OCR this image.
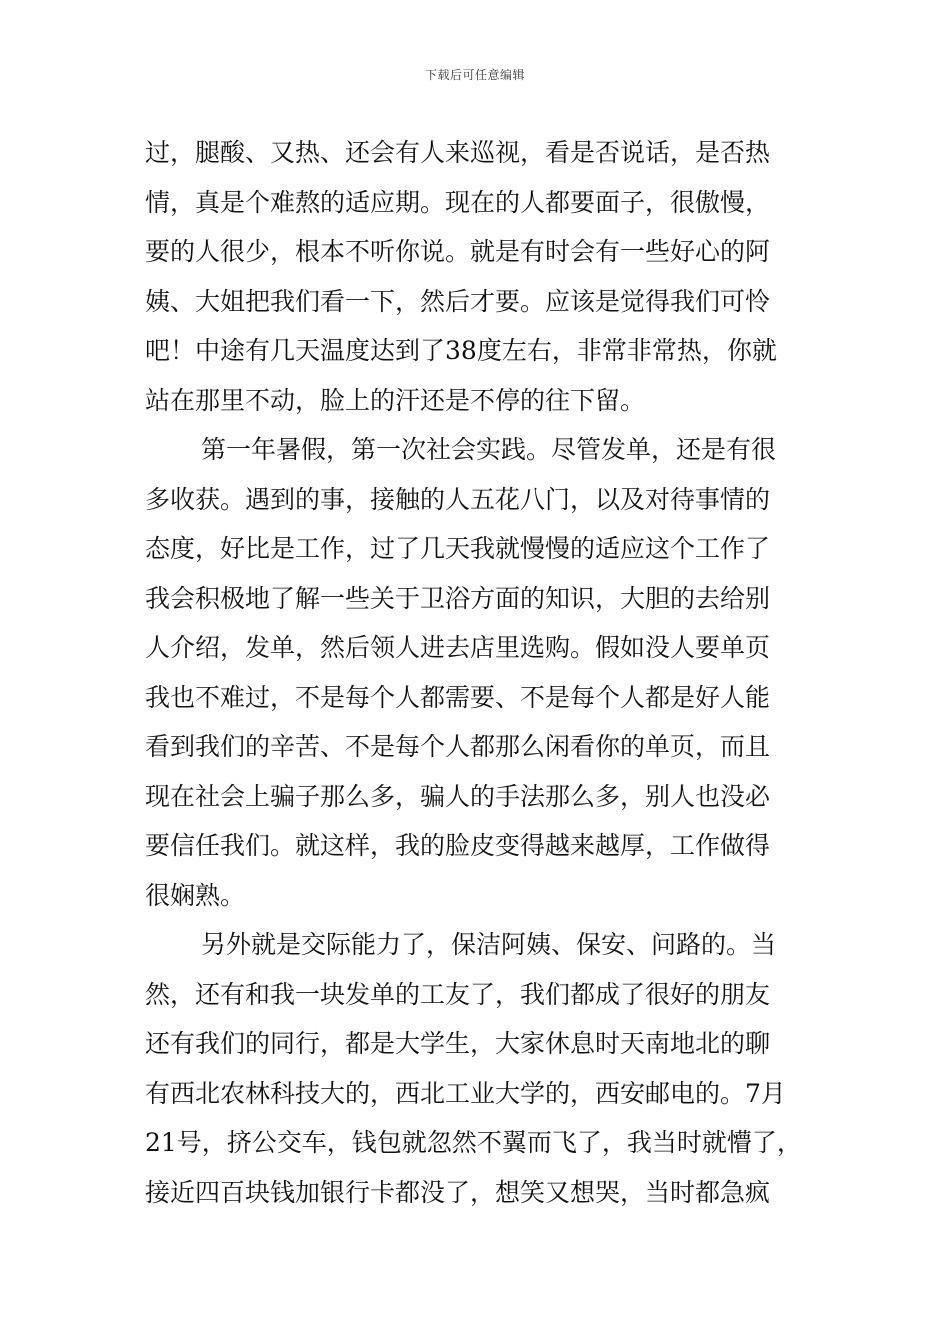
下载后可任意编辑
过，腿酸、又热、还会有人来巡视，看是否说话，是否热
情，真是个难熬的适应期。现在的人都要面子，很傲慢，
要的人很少，根本不听你说。就是有时会有一些好心的阿
姨、大姐把我们看一下，然后才要。应该是觉得我们可怜
吧！中途有几天温度达到了38度左右，非常非常热，你就
站在那里不动，脸上的汗还是不停的往下留。
第一年暑假，第一次社会实践。尽管发单，还是有很
多收获。遇到的事，接触的人五花八门，以及对待事情的
态度，好比是工作，过了几天我就慢慢的适应这个工作了
我会积极地了解一些关于卫浴方面的知识，大胆的去给别
人介绍，发单，然后领人进去店里选购。假如没人要单页
我也不难过，不是每个人都需要、不是每个人都是好人能
看到我们的辛苦、不是每个人都那么闲看你的单页，而且
现在社会上骗子那么多，骗人的手法那么多，别人也没必
要信任我们。就这样，我的脸皮变得越来越厚，工作做得
很娴熟。
另外就是交际能力了，保洁阿姨、保安、问路的。当
然，还有和我一块发单的工友了，我们都成了很好的朋友
还有我们的同行，都是大学生，大家休息时天南地北的聊
有西北农林科技大的，西北工业大学的，西安邮电的。7月
21号，挤公交车，钱包就忽然不翼而飞了，我当时就懵了，
接近四百块钱加银行卡都没了，想笑又想哭，当时都急疯
